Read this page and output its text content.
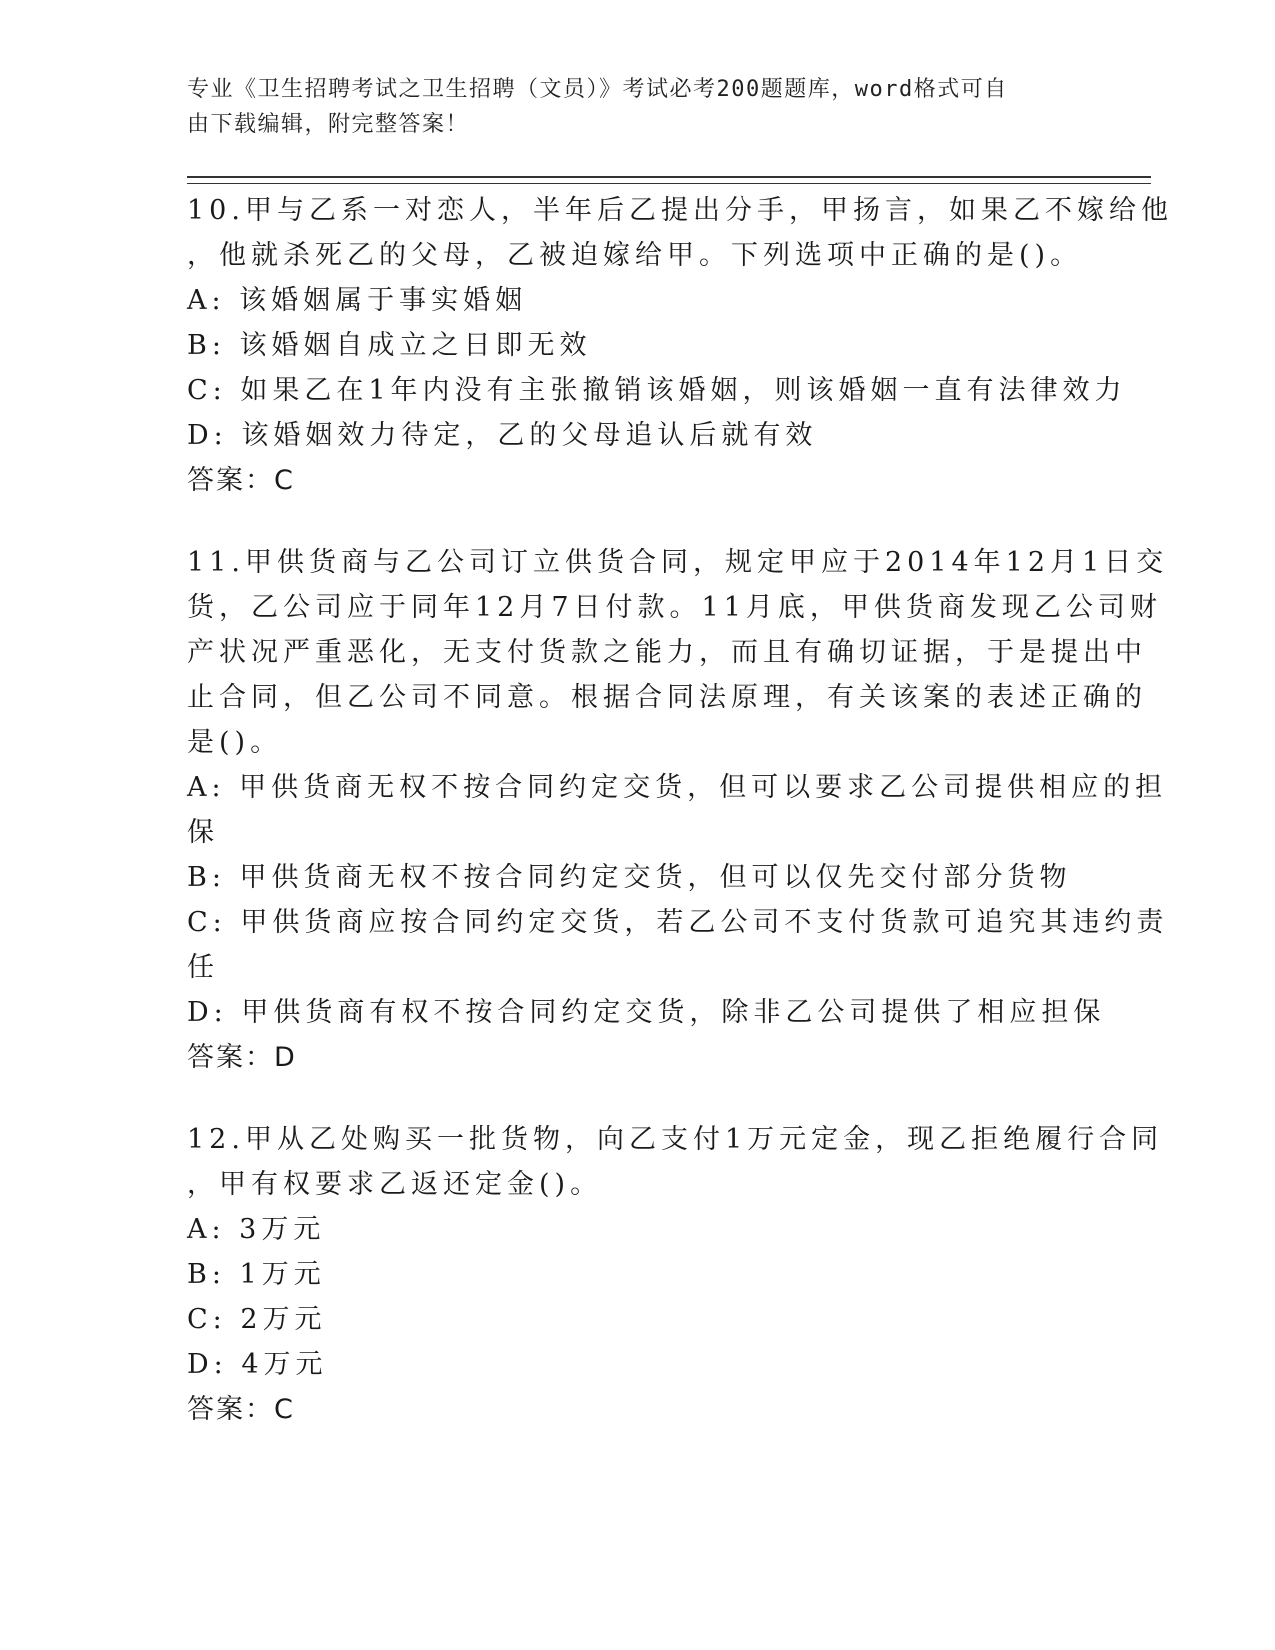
专业《卫生招聘考试之卫生招聘（文员）》考试必考200题题库，word格式可自
由下载编辑，附完整答案！
10.甲与乙系一对恋人，半年后乙提出分手，甲扬言，如果乙不嫁给他
，他就杀死乙的父母，乙被迫嫁给甲。下列选项中正确的是()。
A: 该婚姻属于事实婚姻
B: 该婚姻自成立之日即无效
C: 如果乙在1年内没有主张撤销该婚姻，则该婚姻一直有法律效力
D: 该婚姻效力待定，乙的父母追认后就有效
答案：C
11.甲供货商与乙公司订立供货合同，规定甲应于2014年12月1日交
货，乙公司应于同年12月7日付款。11月底，甲供货商发现乙公司财
产状况严重恶化，无支付货款之能力，而且有确切证据，于是提出中
止合同，但乙公司不同意。根据合同法原理，有关该案的表述正确的
是()。
A: 甲供货商无权不按合同约定交货，但可以要求乙公司提供相应的担
保
B: 甲供货商无权不按合同约定交货，但可以仅先交付部分货物
C: 甲供货商应按合同约定交货，若乙公司不支付货款可追究其违约责
任
D: 甲供货商有权不按合同约定交货，除非乙公司提供了相应担保
答案：D
12.甲从乙处购买一批货物，向乙支付1万元定金，现乙拒绝履行合同
，甲有权要求乙返还定金()。
A: 3万元
B: 1万元
C: 2万元
D: 4万元
答案：C
